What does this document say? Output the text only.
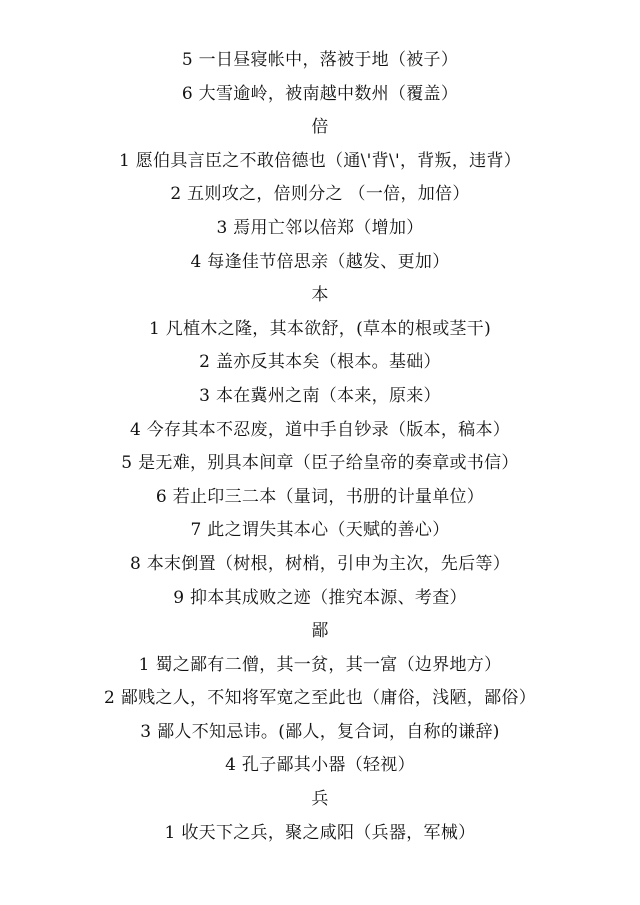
5 一日昼寝帐中，落被于地（被子）
6 大雪逾岭，被南越中数州（覆盖）
倍
1 愿伯具言臣之不敢倍德也（通\'背\'，背叛，违背）
2 五则攻之，倍则分之 （一倍，加倍）
3 焉用亡邻以倍郑（增加）
4 每逢佳节倍思亲（越发、更加）
本
1 凡植木之隆，其本欲舒，(草本的根或茎干)
2 盖亦反其本矣（根本。基础）
3 本在冀州之南（本来，原来）
4 今存其本不忍废，道中手自钞录（版本，稿本）
5 是无难，别具本间章（臣子给皇帝的奏章或书信）
6 若止印三二本（量词，书册的计量单位）
7 此之谓失其本心（天赋的善心）
8 本末倒置（树根，树梢，引申为主次，先后等）
9 抑本其成败之迹（推究本源、考查）
鄙
1 蜀之鄙有二僧，其一贫，其一富（边界地方）
2 鄙贱之人，不知将军宽之至此也（庸俗，浅陋，鄙俗）
3 鄙人不知忌讳。(鄙人，复合词，自称的谦辞)
4 孔子鄙其小器（轻视）
兵
1 收天下之兵，聚之咸阳（兵器，军械）
